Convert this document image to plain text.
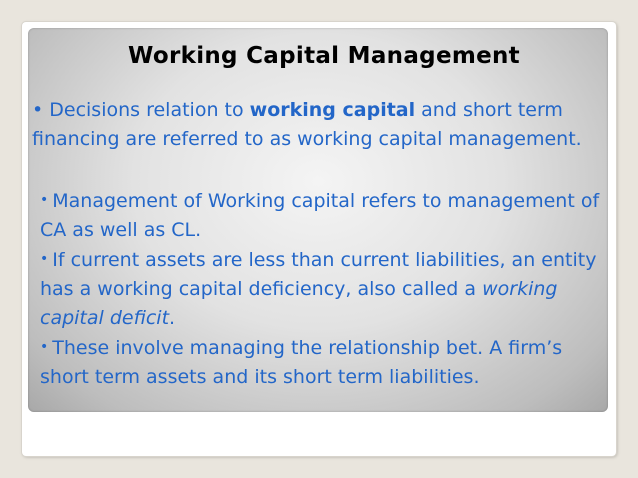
Working Capital Management
• Decisions relation to working capital and short term financing are referred to as working capital management.
• Management of Working capital refers to management of CA as well as CL.
• If current assets are less than current liabilities, an entity has a working capital deficiency, also called a working capital deficit.
• These involve managing the relationship bet. A firm’s short term assets and its short term liabilities.
